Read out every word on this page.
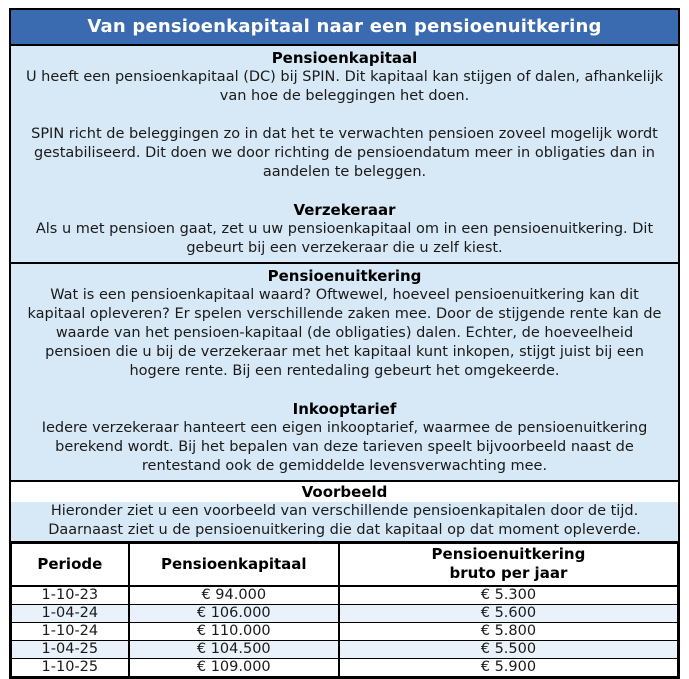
Van pensioenkapitaal naar een pensioenuitkering
Pensioenkapitaal

U heeft een pensioenkapitaal (DC) bij SPIN. Dit kapitaal kan stijgen of dalen, afhankelijk van hoe de beleggingen het doen.

SPIN richt de beleggingen zo in dat het te verwachten pensioen zoveel mogelijk wordt gestabiliseerd. Dit doen we door richting de pensioendatum meer in obligaties dan in aandelen te beleggen.

Verzekeraar

Als u met pensioen gaat, zet u uw pensioenkapitaal om in een pensioenuitkering. Dit gebeurt bij een verzekeraar die u zelf kiest.

Pensioenuitkering

Wat is een pensioenkapitaal waard? Oftwewel, hoeveel pensioenuitkering kan dit kapitaal opleveren? Er spelen verschillende zaken mee. Door de stijgende rente kan de waarde van het pensioen-kapitaal (de obligaties) dalen. Echter, de hoeveelheid pensioen die u bij de verzekeraar met het kapitaal kunt inkopen, stijgt juist bij een hogere rente. Bij een rentedaling gebeurt het omgekeerde.

Inkooptarief

Iedere verzekeraar hanteert een eigen inkooptarief, waarmee de pensioenuitkering berekend wordt. Bij het bepalen van deze tarieven speelt bijvoorbeeld naast de rentestand ook de gemiddelde levensverwachting mee.

Voorbeeld

Hieronder ziet u een voorbeeld van verschillende pensioenkapitalen door de tijd.

Daarnaast ziet u de pensioenuitkering die dat kapitaal op dat moment opleverde.

Periode	Pensioenkapitaal	Pensioenuitkering
bruto per jaar

1-10-23	€ 94.000	€ 5.300
1-04-24	€ 106.000	€ 5.600
1-10-24	€ 110.000	€ 5.800
1-04-25	€ 104.500	€ 5.500
1-10-25	€ 109.000	€ 5.900
